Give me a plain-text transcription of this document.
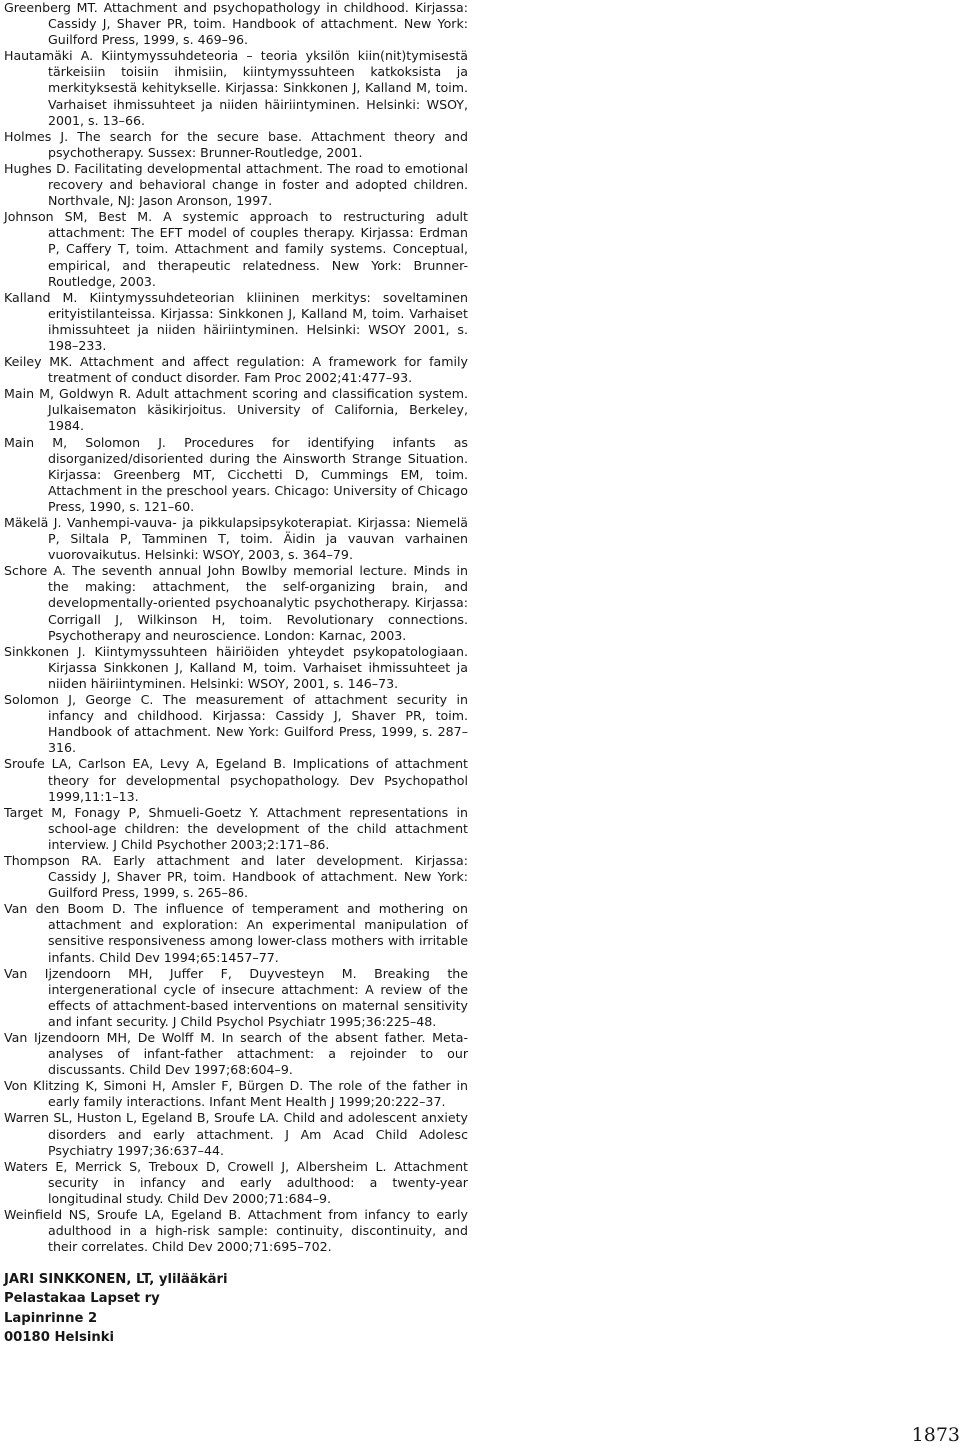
Greenberg MT. Attachment and psychopathology in childhood. Kirjassa: Cassidy J, Shaver PR, toim. Handbook of attachment. New York: Guilford Press, 1999, s. 469–96.

Hautamäki A. Kiintymyssuhdeteoria – teoria yksilön kiin(nit)tymisestä tärkeisiin toisiin ihmisiin, kiintymyssuhteen katkoksista ja merkityksestä kehitykselle. Kirjassa: Sinkkonen J, Kalland M, toim. Varhaiset ihmissuhteet ja niiden häiriintyminen. Helsinki: WSOY, 2001, s. 13–66.

Holmes J. The search for the secure base. Attachment theory and psychotherapy. Sussex: Brunner-Routledge, 2001.

Hughes D. Facilitating developmental attachment. The road to emotional recovery and behavioral change in foster and adopted children. Northvale, NJ: Jason Aronson, 1997.

Johnson SM, Best M. A systemic approach to restructuring adult attachment: The EFT model of couples therapy. Kirjassa: Erdman P, Caffery T, toim. Attachment and family systems. Conceptual, empirical, and therapeutic relatedness. New York: Brunner-Routledge, 2003.

Kalland M. Kiintymyssuhdeteorian kliininen merkitys: soveltaminen erityistilanteissa. Kirjassa: Sinkkonen J, Kalland M, toim. Varhaiset ihmissuhteet ja niiden häiriintyminen. Helsinki: WSOY 2001, s. 198–233.

Keiley MK. Attachment and affect regulation: A framework for family treatment of conduct disorder. Fam Proc 2002;41:477–93.

Main M, Goldwyn R. Adult attachment scoring and classification system. Julkaisematon käsikirjoitus. University of California, Berkeley, 1984.

Main M, Solomon J. Procedures for identifying infants as disorganized/disoriented during the Ainsworth Strange Situation. Kirjassa: Greenberg MT, Cicchetti D, Cummings EM, toim. Attachment in the preschool years. Chicago: University of Chicago Press, 1990, s. 121–60.

Mäkelä J. Vanhempi-vauva- ja pikkulapsipsykoterapiat. Kirjassa: Niemelä P, Siltala P, Tamminen T, toim. Äidin ja vauvan varhainen vuorovaikutus. Helsinki: WSOY, 2003, s. 364–79.

Schore A. The seventh annual John Bowlby memorial lecture. Minds in the making: attachment, the self-organizing brain, and developmentally-oriented psychoanalytic psychotherapy. Kirjassa: Corrigall J, Wilkinson H, toim. Revolutionary connections. Psychotherapy and neuroscience. London: Karnac, 2003.

Sinkkonen J. Kiintymyssuhteen häiriöiden yhteydet psykopatologiaan. Kirjassa Sinkkonen J, Kalland M, toim. Varhaiset ihmissuhteet ja niiden häiriintyminen. Helsinki: WSOY, 2001, s. 146–73.

Solomon J, George C. The measurement of attachment security in infancy and childhood. Kirjassa: Cassidy J, Shaver PR, toim. Handbook of attachment. New York: Guilford Press, 1999, s. 287–316.

Sroufe LA, Carlson EA, Levy A, Egeland B. Implications of attachment theory for developmental psychopathology. Dev Psychopathol 1999,11:1–13.

Target M, Fonagy P, Shmueli-Goetz Y. Attachment representations in school-age children: the development of the child attachment interview. J Child Psychother 2003;2:171–86.

Thompson RA. Early attachment and later development. Kirjassa: Cassidy J, Shaver PR, toim. Handbook of attachment. New York: Guilford Press, 1999, s. 265–86.

Van den Boom D. The influence of temperament and mothering on attachment and exploration: An experimental manipulation of sensitive responsiveness among lower-class mothers with irritable infants. Child Dev 1994;65:1457–77.

Van Ijzendoorn MH, Juffer F, Duyvesteyn M. Breaking the intergenerational cycle of insecure attachment: A review of the effects of attachment-based interventions on maternal sensitivity and infant security. J Child Psychol Psychiatr 1995;36:225–48.

Van Ijzendoorn MH, De Wolff M. In search of the absent father. Meta-analyses of infant-father attachment: a rejoinder to our discussants. Child Dev 1997;68:604–9.

Von Klitzing K, Simoni H, Amsler F, Bürgen D. The role of the father in early family interactions. Infant Ment Health J 1999;20:222–37.

Warren SL, Huston L, Egeland B, Sroufe LA. Child and adolescent anxiety disorders and early attachment. J Am Acad Child Adolesc Psychiatry 1997;36:637–44.

Waters E, Merrick S, Treboux D, Crowell J, Albersheim L. Attachment security in infancy and early adulthood: a twenty-year longitudinal study. Child Dev 2000;71:684–9.

Weinfield NS, Sroufe LA, Egeland B. Attachment from infancy to early adulthood in a high-risk sample: continuity, discontinuity, and their correlates. Child Dev 2000;71:695–702.

JARI SINKKONEN, LT, ylilääkäri
Pelastakaa Lapset ry
Lapinrinne 2
00180 Helsinki
1873
